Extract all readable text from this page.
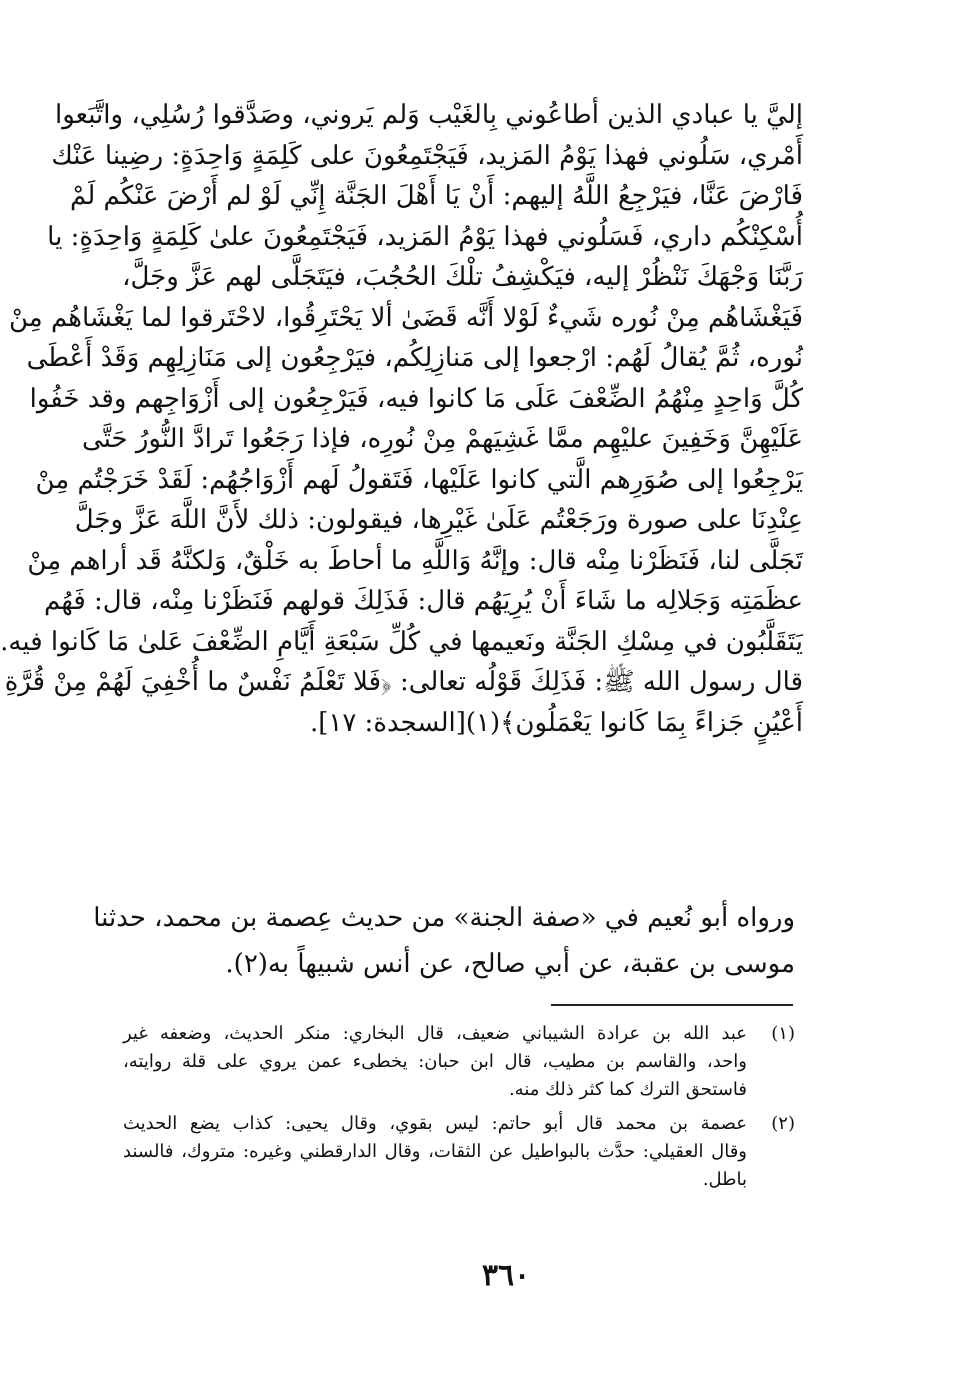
إليَّ يا عبادي الذين أطاعُوني بِالغَيْب وَلم يَروني، وصَدَّقوا رُسُلِي، واتَّبَعوا
أَمْري، سَلُوني فهذا يَوْمُ المَزيد، فَيَجْتَمِعُونَ على كَلِمَةٍ وَاحِدَةٍ: رضِينا عَنْك
فَارْضَ عَنَّا، فيَرْجِعُ اللَّهُ إليهم: أَنْ يَا أَهْلَ الجَنَّة إِنِّي لَوْ لم أَرْضَ عَنْكُم لَمْ
أُسْكِنْكُم داري، فَسَلُوني فهذا يَوْمُ المَزيد، فَيَجْتَمِعُونَ علىٰ كَلِمَةٍ وَاحِدَةٍ: يا
رَبَّنَا وَجْهَكَ نَنْظُرْ إليه، فيَكْشِفُ تلْكَ الحُجُبَ، فيَتَجَلَّى لهم عَزَّ وجَلَّ،
فَيَغْشَاهُم مِنْ نُوره شَيءٌ لَوْلا أَنَّه قَضَىٰ ألا يَحْتَرِقُوا، لاحْتَرقوا لما يَغْشَاهُم مِنْ
نُوره، ثُمَّ يُقالُ لَهُم: ارْجعوا إلى مَنازِلِكُم، فيَرْجِعُون إلى مَنَازِلِهِم وَقَدْ أَعْطَى
كُلَّ وَاحِدٍ مِنْهُمُ الضِّعْفَ عَلَى مَا كانوا فيه، فَيَرْجِعُون إلى أَزْوَاجِهم وقد خَفُوا
عَلَيْهِنَّ وَخَفِينَ عليْهِم ممَّا غَشِيَهمْ مِنْ نُورِه، فإذا رَجَعُوا تَرادَّ النُّورُ حَتَّى
يَرْجِعُوا إلى صُوَرِهم الَّتي كانوا عَلَيْها، فَتَقولُ لَهم أَزْوَاجُهُم: لَقَدْ خَرَجْتُم مِنْ
عِنْدِنَا على صورة ورَجَعْتُم عَلَىٰ غَيْرِها، فيقولون: ذلك لأَنَّ اللَّهَ عَزَّ وجَلَّ
تَجَلَّى لنا، فَنَظَرْنا مِنْه قال: وإنَّهُ وَاللَّهِ ما أحاطَ به خَلْقٌ، وَلكنَّهُ قَد أراهم مِنْ
عظَمَتِه وَجَلالِه ما شَاءَ أَنْ يُرِيَهُم قال: فَذَلِكَ قولهم فَنَظَرْنا مِنْه، قال: فَهُم
يَتَقَلَّبُون في مِسْكِ الجَنَّة ونَعيمها في كُلِّ سَبْعَةِ أَيَّامِ الضِّعْفَ عَلىٰ مَا كَانوا فيه.
قال رسول الله ﷺ: فَذَلِكَ قَوْلُه تعالى: ﴿فَلا تَعْلَمُ نَفْسٌ ما أُخْفِيَ لَهُمْ مِنْ قُرَّةِ
أَعْيُنٍ جَزاءً بِمَا كَانوا يَعْمَلُون﴾(١)[السجدة: ١٧].
ورواه أبو نُعيم في «صفة الجنة» من حديث عِصمة بن محمد، حدثنا
موسى بن عقبة، عن أبي صالح، عن أنس شبيهاً به(٢).
(١)
عبد الله بن عرادة الشيباني ضعيف، قال البخاري: منكر الحديث، وضعفه غير
واحد، والقاسم بن مطيب، قال ابن حبان: يخطىء عمن يروي على قلة روايته،
فاستحق الترك كما كثر ذلك منه.
(٢)
عصمة بن محمد قال أبو حاتم: ليس بقوي، وقال يحيى: كذاب يضع الحديث
وقال العقيلي: حدَّث بالبواطيل عن الثقات، وقال الدارقطني وغيره: متروك، فالسند
باطل.
٣٦٠
